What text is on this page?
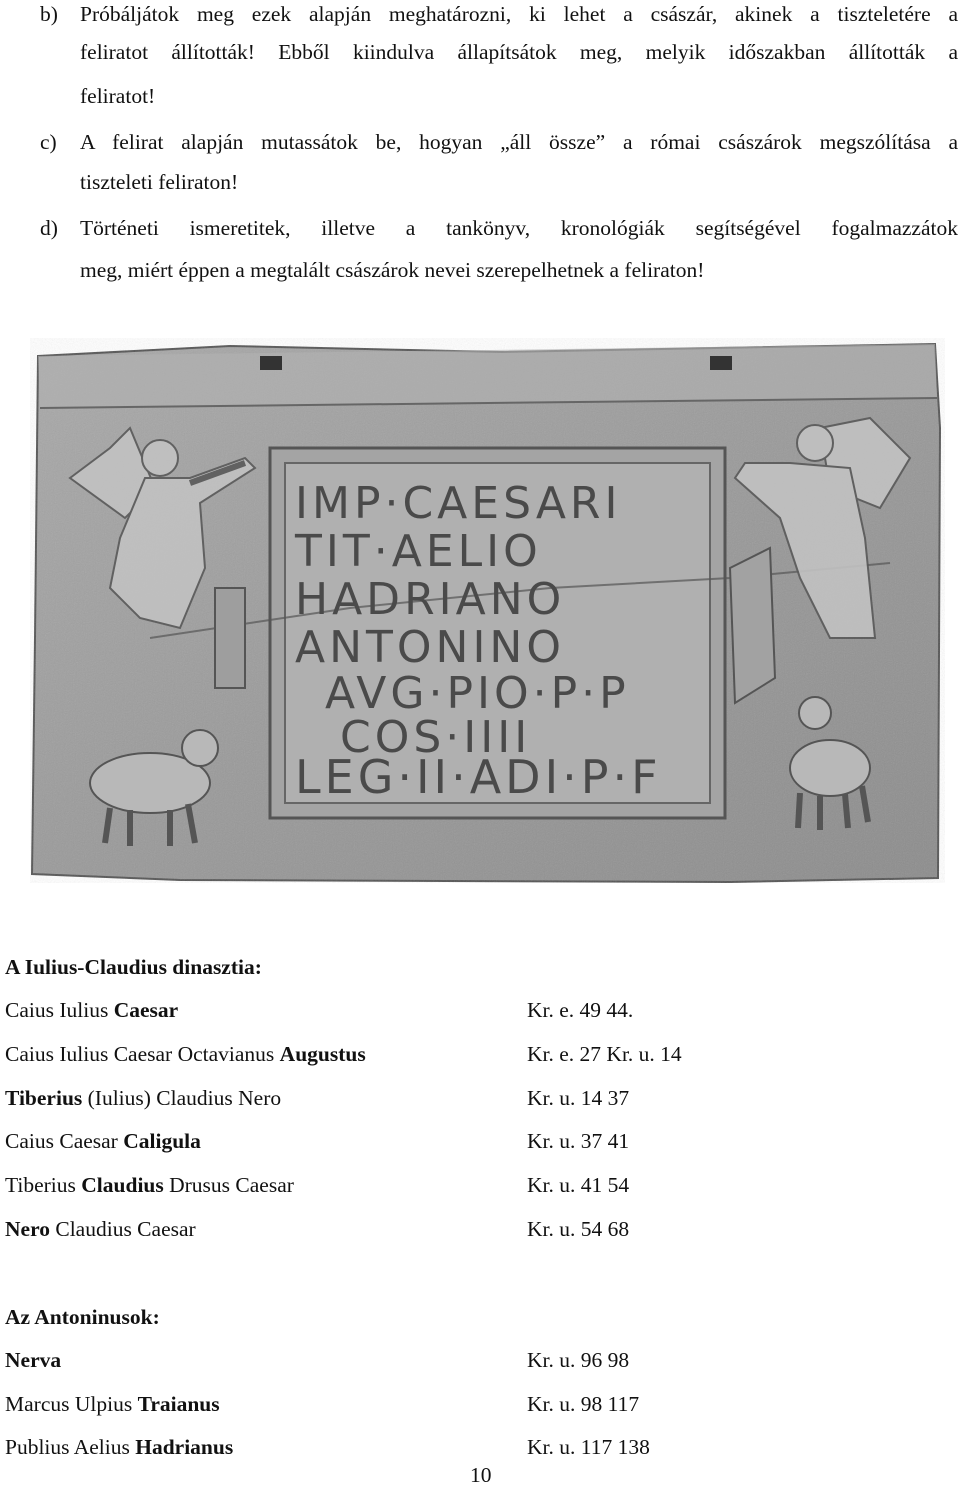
b) Próbáljátok meg ezek alapján meghatározni, ki lehet a császár, akinek a tiszteletére a
feliratot állították! Ebből kiindulva állapítsátok meg, melyik időszakban állították a
feliratot!
c) A felirat alapján mutassátok be, hogyan „áll össze” a római császárok megszólítása a
tiszteleti feliraton!
d) Történeti ismeretitek, illetve a tankönyv, kronológiák segítségével fogalmazzátok
meg, miért éppen a megtalált császárok nevei szerepelhetnek a feliraton!
IMP·CAESARI
TIT·AELIO
HADRIANO
ANTONINO
AVG·PIO·P·P
COS·IIII
LEG·II·ADI·P·F
A Iulius-Claudius dinasztia:
Caius Iulius Caesar	Kr. e. 49 44.
Caius Iulius Caesar Octavianus Augustus	Kr. e. 27 Kr. u. 14
Tiberius (Iulius) Claudius Nero	Kr. u. 14 37
Caius Caesar Caligula	Kr. u. 37 41
Tiberius Claudius Drusus Caesar	Kr. u. 41 54
Nero Claudius Caesar	Kr. u. 54 68
Az Antoninusok:
Nerva	Kr. u. 96 98
Marcus Ulpius Traianus	Kr. u. 98 117
Publius Aelius Hadrianus	Kr. u. 117 138
10
